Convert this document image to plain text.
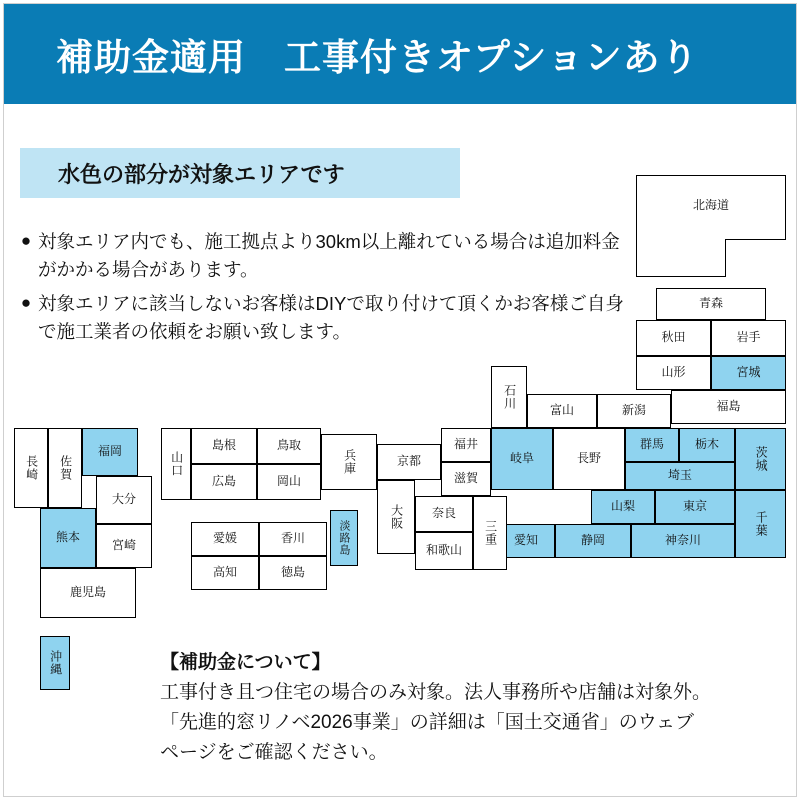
補助金適用　工事付きオプションあり
水色の部分が対象エリアです
● 対象エリア内でも、施工拠点より30km以上離れている場合は追加料金がかかる場合があります。
● 対象エリアに該当しないお客様はDIYで取り付けて頂くかお客様ご自身で施工業者の依頼をお願い致します。
北海道
青森
秋田	岩手
山形	宮城
福島
石川
富山	新潟
福井
岐阜	長野
群馬	栃木
茨城
埼玉
山梨	東京
千葉
愛知	静岡	神奈川
滋賀
京都
大阪	奈良
三重
和歌山
兵庫
島根	鳥取
広島	岡山
山口
淡路島
愛媛	香川
高知	徳島
長崎	佐賀
福岡
大分
熊本
宮崎
鹿児島
沖縄	【補助金について】
工事付き且つ住宅の場合のみ対象。法人事務所や店舗は対象外。
「先進的窓リノベ2026事業」の詳細は「国土交通省」のウェブ
ページをご確認ください。
